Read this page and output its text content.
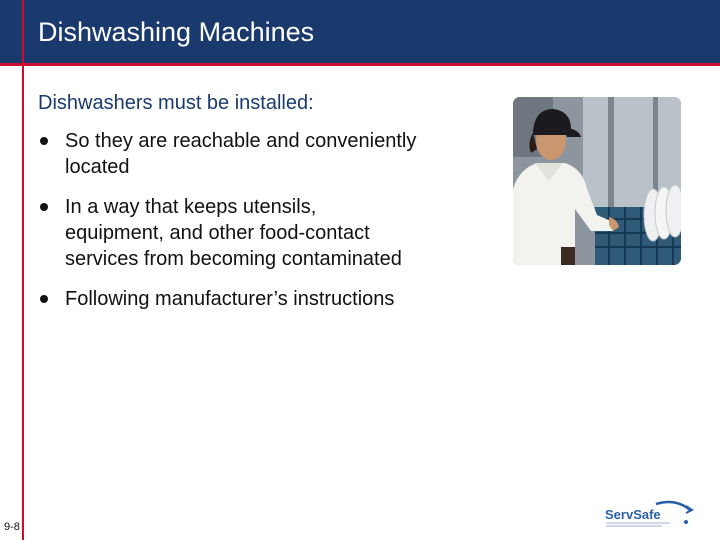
Dishwashing Machines
Dishwashers must be installed:
So they are reachable and conveniently located
In a way that keeps utensils, equipment, and other food-contact services from becoming contaminated
Following manufacturer’s instructions
9-8
ServSafe
